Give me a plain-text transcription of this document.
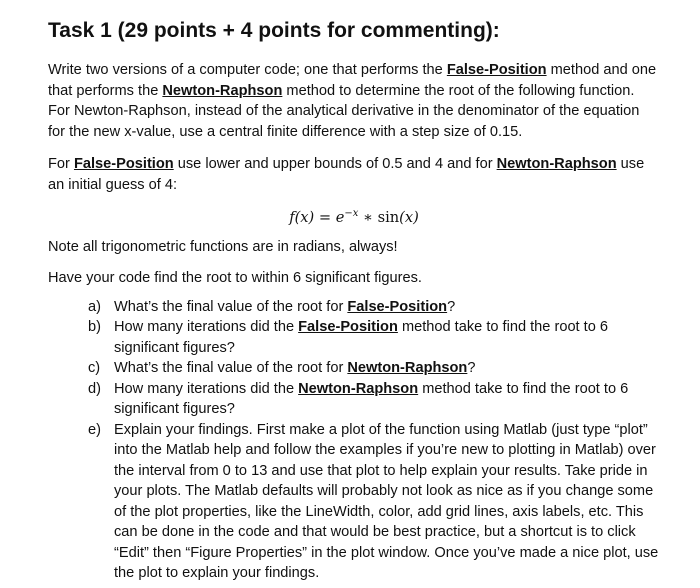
Task 1 (29 points + 4 points for commenting):

Write two versions of a computer code; one that performs the False-Position method and one that performs the Newton-Raphson method to determine the root of the following function. For Newton-Raphson, instead of the analytical derivative in the denominator of the equation for the new x-value, use a central finite difference with a step size of 0.15.

For False-Position use lower and upper bounds of 0.5 and 4 and for Newton-Raphson use an initial guess of 4:

$f(x) = e^{-x}$ ∗ sin(x)

Note all trigonometric functions are in radians, always!

Have your code find the root to within 6 significant figures.

a) What’s the final value of the root for False-Position?
b) How many iterations did the False-Position method take to find the root to 6 significant figures?
c) What’s the final value of the root for Newton-Raphson?
d) How many iterations did the Newton-Raphson method take to find the root to 6 significant figures?
e) Explain your findings. First make a plot of the function using Matlab (just type “plot” into the Matlab help and follow the examples if you’re new to plotting in Matlab) over the interval from 0 to 13 and use that plot to help explain your results. Take pride in your plots. The Matlab defaults will probably not look as nice as if you change some of the plot properties, like the LineWidth, color, add grid lines, axis labels, etc. This can be done in the code and that would be best practice, but a shortcut is to click “Edit” then “Figure Properties” in the plot window. Once you’ve made a nice plot, use the plot to explain your findings.
